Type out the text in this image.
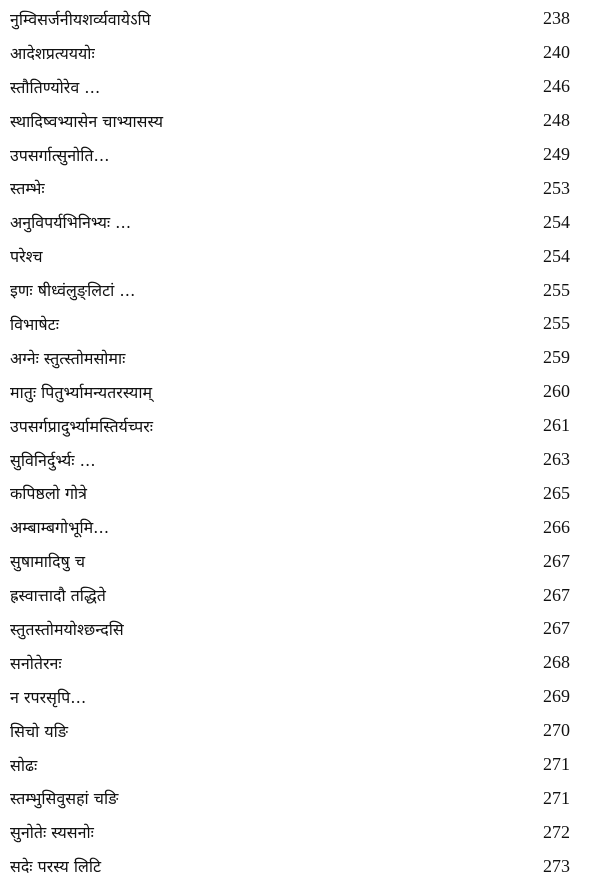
नुम्विसर्जनीयशर्व्यवायेऽपि	238
आदेशप्रत्यययोः	240
स्तौतिण्योरेव …	246
स्थादिष्वभ्यासेन चाभ्यासस्य	248
उपसर्गात्सुनोति…	249
स्तम्भेः	253
अनुविपर्यभिनिभ्यः …	254
परेश्च	254
इणः षीध्वंलुङ्लिटां …	255
विभाषेटः	255
अग्नेः स्तुत्स्तोमसोमाः	259
मातुः पितुर्भ्यामन्यतरस्याम्	260
उपसर्गप्रादुर्भ्यामस्तिर्यच्परः	261
सुविनिर्दुर्भ्यः …	263
कपिष्ठलो गोत्रे	265
अम्बाम्बगोभूमि…	266
सुषामादिषु च	267
ह्रस्वात्तादौ तद्धिते	267
स्तुतस्तोमयोश्छन्दसि	267
सनोतेरनः	268
न रपरसृपि…	269
सिचो यङि	270
सोढः	271
स्तम्भुसिवुसहां चङि	271
सुनोतेः स्यसनोः	272
सदेः परस्य लिटि	273
